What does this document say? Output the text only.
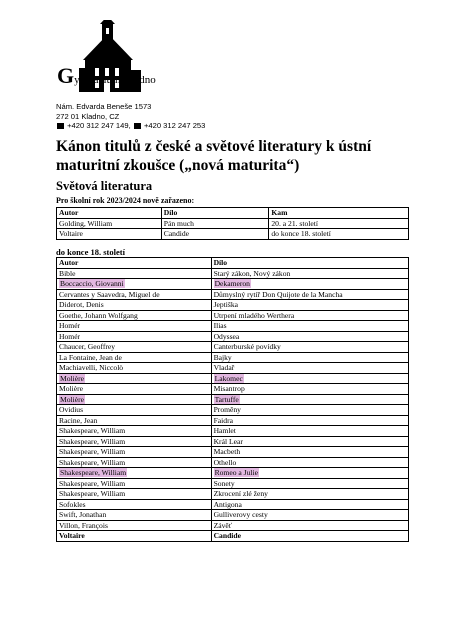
Gymnázium Kladno
Nám. Edvarda Beneše 1573
272 01 Kladno, CZ
+420 312 247 149, +420 312 247 253
Kánon titulů z české a světové literatury k ústní maturitní zkoušce („nová maturita“)
Světová literatura
Pro školní rok 2023/2024 nově zařazeno:
Autor	Dílo	Kam
Golding, William	Pán much	20. a 21. století
Voltaire	Candide	do konce 18. století
do konce 18. století
Autor	Dílo
Bible	Starý zákon, Nový zákon
Boccaccio, Giovanni	Dekameron
Cervantes y Saavedra, Miguel de	Důmyslný rytíř Don Quijote de la Mancha
Diderot, Denis	Jeptiška
Goethe, Johann Wolfgang	Utrpení mladého Werthera
Homér	Ilias
Homér	Odyssea
Chaucer, Geoffrey	Canterburské povídky
La Fontaine, Jean de	Bajky
Machiavelli, Niccolò	Vladař
Molière	Lakomec
Molière	Misantrop
Molière	Tartuffe
Ovidius	Proměny
Racine, Jean	Faidra
Shakespeare, William	Hamlet
Shakespeare, William	Král Lear
Shakespeare, William	Macbeth
Shakespeare, William	Othello
Shakespeare, William	Romeo a Julie
Shakespeare, William	Sonety
Shakespeare, William	Zkrocení zlé ženy
Sofokles	Antigona
Swift, Jonathan	Gulliverovy cesty
Villon, François	Závěť
Voltaire	Candide
